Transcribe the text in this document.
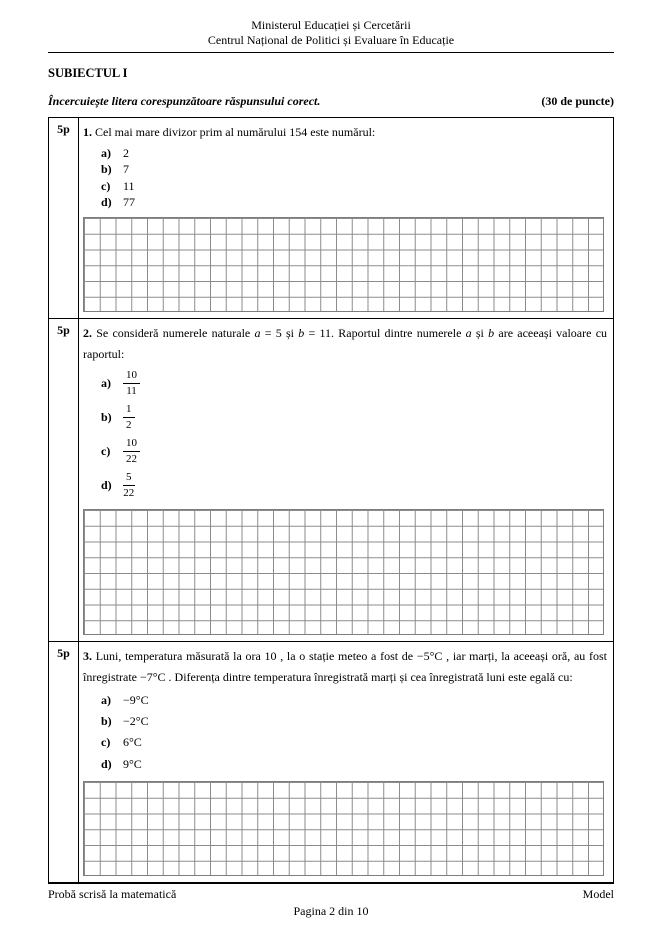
Ministerul Educației și Cercetării
Centrul Național de Politici și Evaluare în Educație
SUBIECTUL I
Încercuiește litera corespunzătoare răspunsului corect.	(30 de puncte)
5p	1. Cel mai mare divizor prim al numărului 154 este numărul:

a)	2
b) 7
c)	11
d) 77
5p	2. Se consideră numerele naturale a = 5 și b = 11. Raportul dintre numerele a și b are aceeași valoare cu raportul:

a)	$\frac{10}{11}$
b)	$\frac{1}{2}$
c)	$\frac{10}{22}$
d)	$\frac{5}{22}$
5p	3. Luni, temperatura măsurată la ora 10 , la o stație meteo a fost de −5°C , iar marți, la aceeași oră, au fost înregistrate −7°C . Diferența dintre temperatura înregistrată marți și cea înregistrată luni este egală cu:

a)	−9°C
b) −2°C
c)	6°C
d) 9°C
Probă scrisă la matematică	Model
Pagina 2 din 10
